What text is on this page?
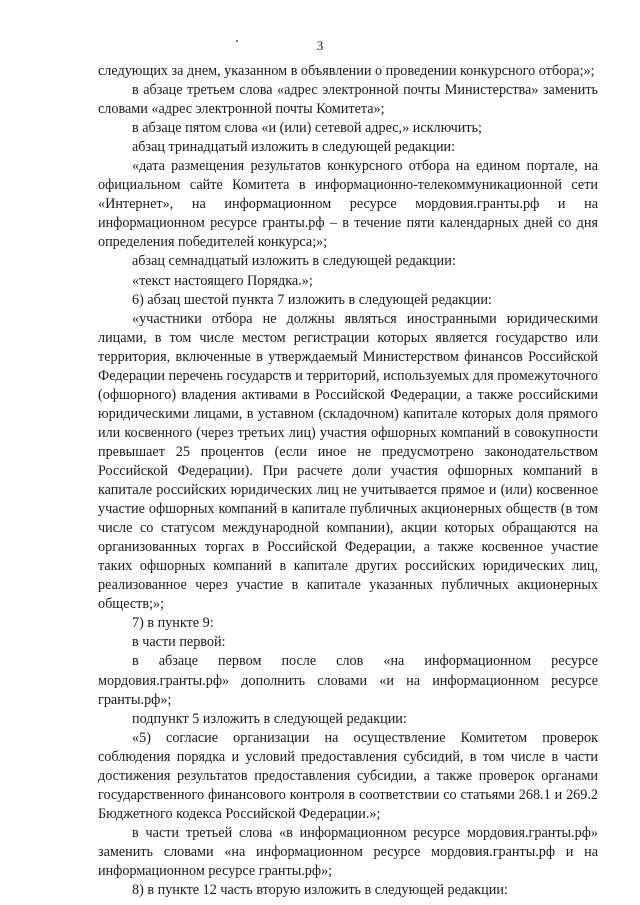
3

следующих за днем, указанном в объявлении о проведении конкурсного отбора;»;

в абзаце третьем слова «адрес электронной почты Министерства» заменить словами «адрес электронной почты Комитета»;

в абзаце пятом слова «и (или) сетевой адрес,» исключить;

абзац тринадцатый изложить в следующей редакции:

«дата размещения результатов конкурсного отбора на едином портале, на официальном сайте Комитета в информационно-телекоммуникационной сети «Интернет», на информационном ресурсе мордовия.гранты.рф и на информационном ресурсе гранты.рф – в течение пяти календарных дней со дня определения победителей конкурса;»;

абзац семнадцатый изложить в следующей редакции:

«текст настоящего Порядка.»;

6) абзац шестой пункта 7 изложить в следующей редакции:

«участники отбора не должны являться иностранными юридическими лицами, в том числе местом регистрации которых является государство или территория, включенные в утверждаемый Министерством финансов Российской Федерации перечень государств и территорий, используемых для промежуточного (офшорного) владения активами в Российской Федерации, а также российскими юридическими лицами, в уставном (складочном) капитале которых доля прямого или косвенного (через третьих лиц) участия офшорных компаний в совокупности превышает 25 процентов (если иное не предусмотрено законодательством Российской Федерации). При расчете доли участия офшорных компаний в капитале российских юридических лиц не учитывается прямое и (или) косвенное участие офшорных компаний в капитале публичных акционерных обществ (в том числе со статусом международной компании), акции которых обращаются на организованных торгах в Российской Федерации, а также косвенное участие таких офшорных компаний в капитале других российских юридических лиц, реализованное через участие в капитале указанных публичных акционерных обществ;»;

7) в пункте 9:

в части первой:

в абзаце первом после слов «на информационном ресурсе мордовия.гранты.рф» дополнить словами «и на информационном ресурсе гранты.рф»;

подпункт 5 изложить в следующей редакции:

«5) согласие организации на осуществление Комитетом проверок соблюдения порядка и условий предоставления субсидий, в том числе в части достижения результатов предоставления субсидии, а также проверок органами государственного финансового контроля в соответствии со статьями 268.1 и 269.2 Бюджетного кодекса Российской Федерации.»;

в части третьей слова «в информационном ресурсе мордовия.гранты.рф» заменить словами «на информационном ресурсе мордовия.гранты.рф и на информационном ресурсе гранты.рф»;

8) в пункте 12 часть вторую изложить в следующей редакции:
